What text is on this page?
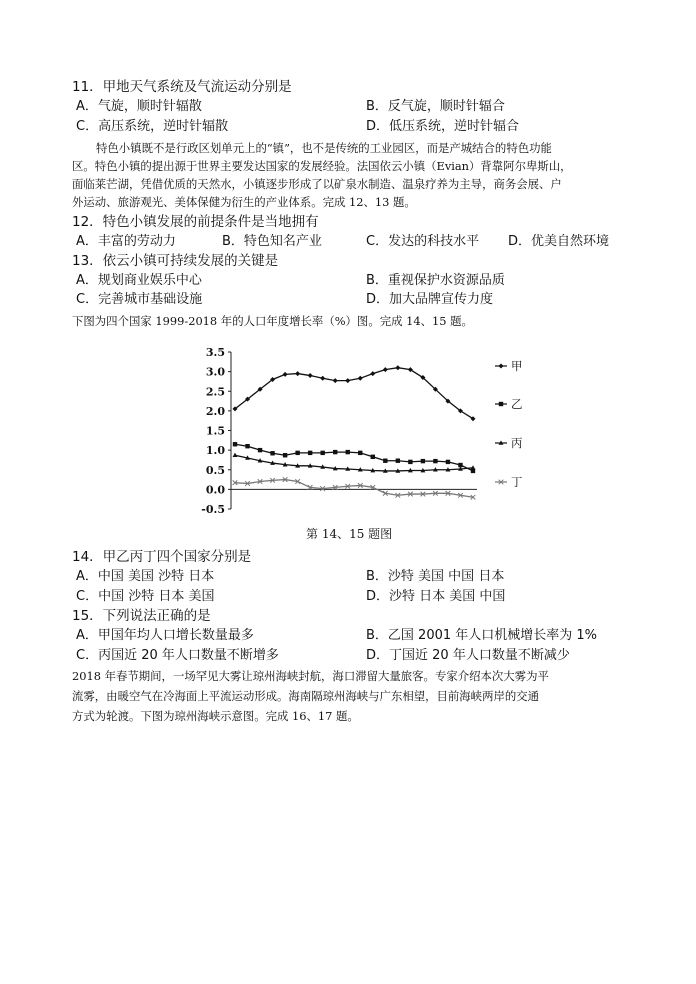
11．甲地天气系统及气流运动分别是
A．气旋，顺时针辐散	B．反气旋，顺时针辐合
C．高压系统，逆时针辐散	D．低压系统，逆时针辐合
特色小镇既不是行政区划单元上的“镇”，也不是传统的工业园区，而是产城结合的特色功能
区。特色小镇的提出源于世界主要发达国家的发展经验。法国依云小镇（Evian）背靠阿尔卑斯山，
面临莱芒湖，凭借优质的天然水，小镇逐步形成了以矿泉水制造、温泉疗养为主导，商务会展、户
外运动、旅游观光、美体保健为衍生的产业体系。完成 12、13 题。
12．特色小镇发展的前提条件是当地拥有
A．丰富的劳动力	B．特色知名产业	C．发达的科技水平 D．优美自然环境
13．依云小镇可持续发展的关键是
A．规划商业娱乐中心	B．重视保护水资源品质
C．完善城市基础设施	D．加大品牌宣传力度
下图为四个国家 1999-2018 年的人口年度增长率（%）图。完成 14、15 题。
3.5
3.0
2.5
2.0
1.5
1.0
0.5
0.0
-0.5
甲
乙
丙
丁
第 14、15 题图
14．甲乙丙丁四个国家分别是
A．中国 美国 沙特 日本	B．沙特 美国 中国 日本
C．中国 沙特 日本 美国	D．沙特 日本 美国 中国
15．下列说法正确的是
A．甲国年均人口增长数量最多	B．乙国 2001 年人口机械增长率为 1%
C．丙国近 20 年人口数量不断增多	D．丁国近 20 年人口数量不断减少
2018 年春节期间，一场罕见大雾让琼州海峡封航，海口滞留大量旅客。专家介绍本次大雾为平
流雾，由暖空气在冷海面上平流运动形成。海南隔琼州海峡与广东相望，目前海峡两岸的交通
方式为轮渡。下图为琼州海峡示意图。完成 16、17 题。
